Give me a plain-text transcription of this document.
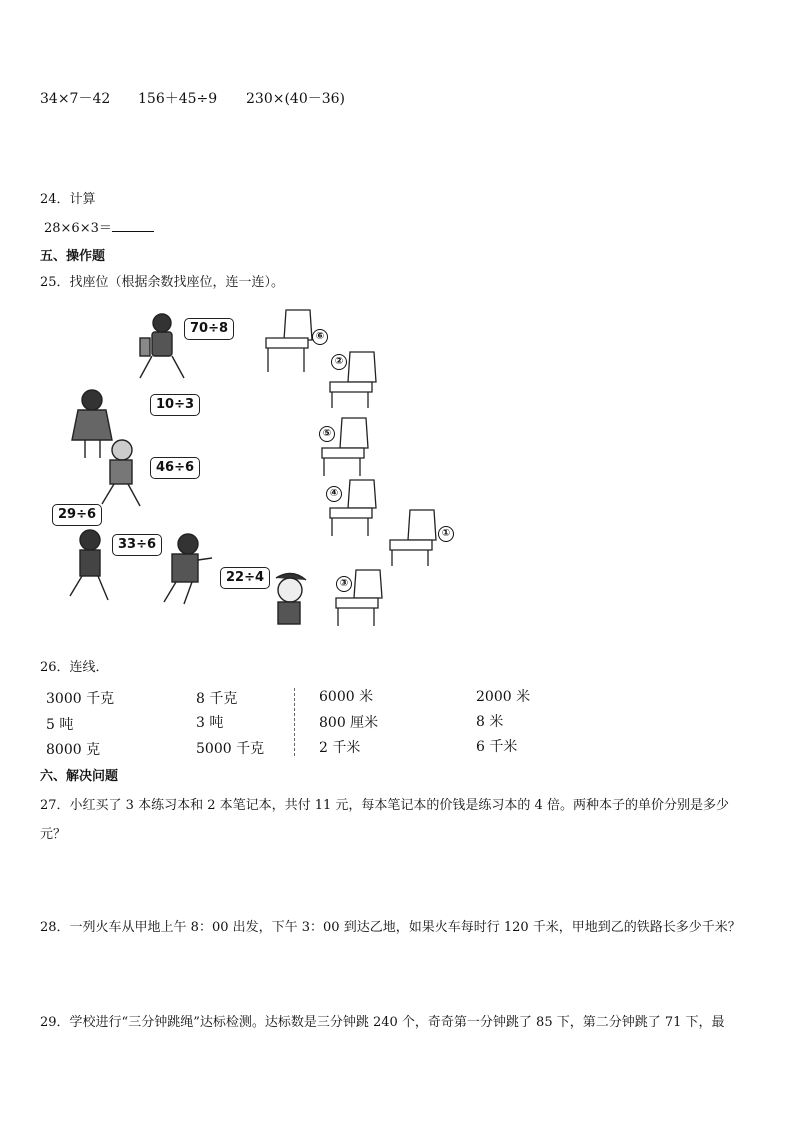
34×7－42 156＋45÷9 230×(40－36)
24．计算
28×6×3＝
五、操作题
25．找座位（根据余数找座位，连一连）。
70÷8
10÷3
46÷6
29÷6
33÷6
22÷4
⑥
②
⑤
④
①
③
26．连线．
3000 千克
5 吨
8000 克
8 千克
3 吨
5000 千克
6000 米
800 厘米
2 千米
2000 米
8 米
6 千米
六、解决问题
27．小红买了 3 本练习本和 2 本笔记本，共付 11 元，每本笔记本的价钱是练习本的 4 倍。两种本子的单价分别是多少
元？
28．一列火车从甲地上午 8：00 出发，下午 3：00 到达乙地，如果火车每时行 120 千米，甲地到乙的铁路长多少千米？
29．学校进行“三分钟跳绳”达标检测。达标数是三分钟跳 240 个，奇奇第一分钟跳了 85 下，第二分钟跳了 71 下，最
